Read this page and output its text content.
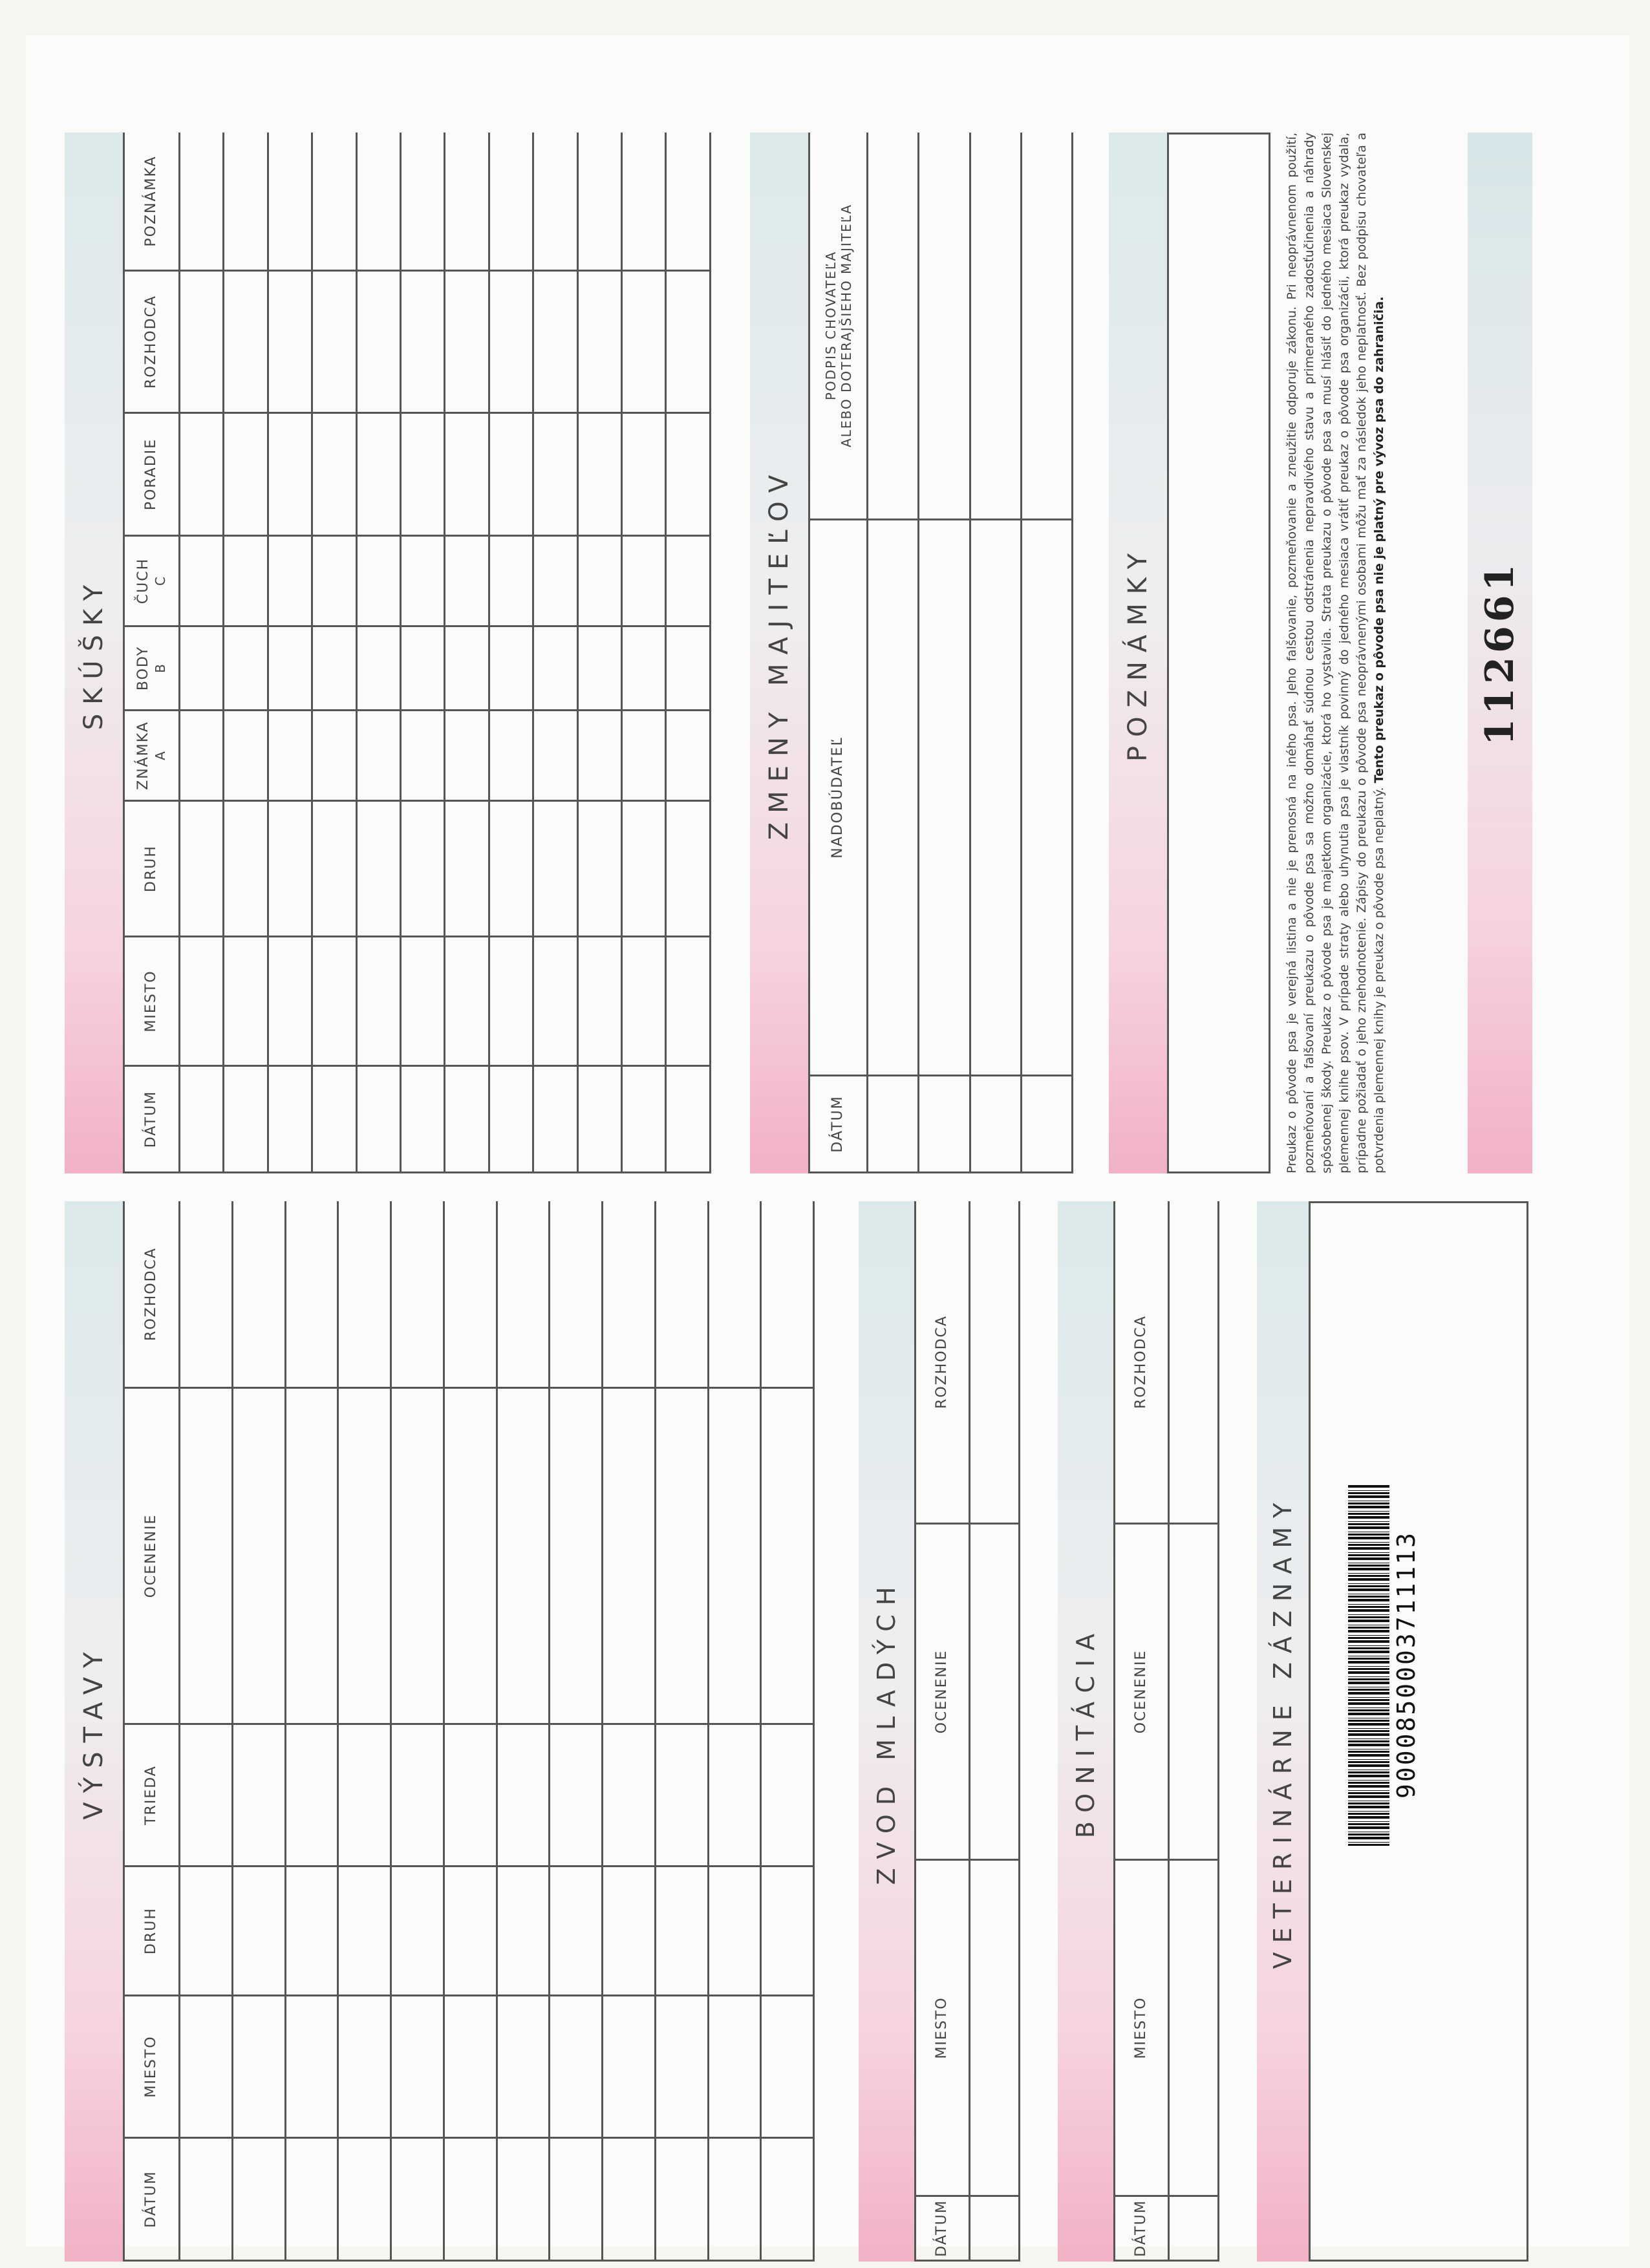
VÝSTAVY
DÁTUM	MIESTO	DRUH	TRIEDA	OCENENIE	ROZHODCA

ZVOD MLADÝCH
DÁTUM	MIESTO	OCENENIE	ROZHODCA

BONITÁCIA
DÁTUM	MIESTO	OCENENIE	ROZHODCA

VETERINÁRNE ZÁZNAMY	9000850003711113
SKÚŠKY
DÁTUM	MIESTO	DRUH	ZNÁMKA A	BODY B	ČUCH C	PORADIE	ROZHODCA	POZNÁMKA

ZMENY MAJITEĽOV
DÁTUM	NADOBÚDATEĽ	PODPIS CHOVATEĽA ALEBO DOTERAJŠIEHO MAJITEĽA

POZNÁMKY	Preukaz o pôvode psa je verejná listina a nie je prenosná na iného psa. Jeho falšovanie, pozmeňovanie a zneužitie odporuje zákonu. Pri neoprávnenom použití, pozmeňovaní a falšovaní preukazu o pôvode psa sa možno domáhať súdnou cestou odstránenia nepravdivého stavu a primeraného zadosťučinenia a náhrady spôsobenej škody. Preukaz o pôvode psa je majetkom organizácie, ktorá ho vystavila. Strata preukazu o pôvode psa sa musí hlásiť do jedného mesiaca Slovenskej plemennej knihe psov. V prípade straty alebo uhynutia psa je vlastník povinný do jedného mesiaca vrátiť preukaz o pôvode psa organizácii, ktorá preukaz vydala, prípadne požiadať o jeho znehodnotenie. Zápisy do preukazu o pôvode psa neoprávnenými osobami môžu mať za následok jeho neplatnosť. Bez podpisu chovateľa a potvrdenia plemennej knihy je preukaz o pôvode psa neplatný. Tento preukaz o pôvode psa nie je platný pre vývoz psa do zahraničia.	112661
